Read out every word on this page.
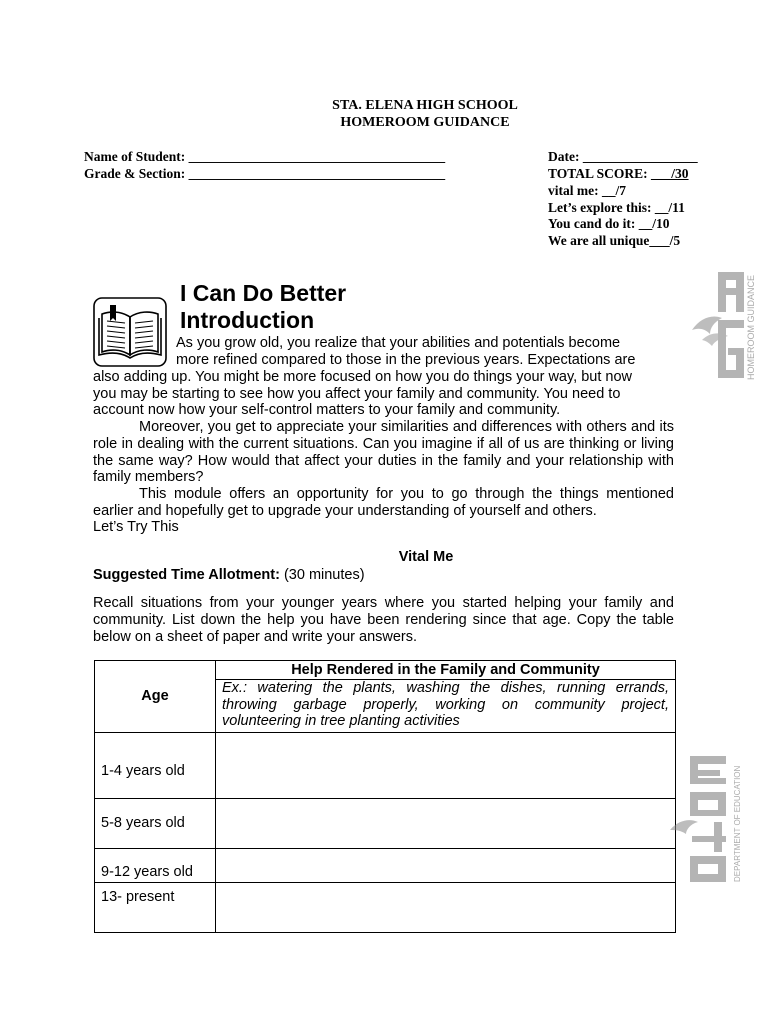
STA. ELENA HIGH SCHOOL
HOMEROOM GUIDANCE
Name of Student: ______________________________________
Grade & Section: ______________________________________
Date: _________________
TOTAL SCORE: ___/30
vital me: __/7
Let’s explore this: __/11
You cand do it: __/10
We are all unique___/5
I Can Do Better
Introduction
As you grow old, you realize that your abilities and potentials become
more refined compared to those in the previous years. Expectations are
also adding up. You might be more focused on how you do things your way, but now
you may be starting to see how you affect your family and community. You need to
account now how your self-control matters to your family and community.
Moreover, you get to appreciate your similarities and differences with others and its role in dealing with the current situations. Can you imagine if all of us are thinking or living the same way? How would that affect your duties in the family and your relationship with family members?
This module offers an opportunity for you to go through the things mentioned earlier and hopefully get to upgrade your understanding of yourself and others.
Let’s Try This
Vital Me
Suggested Time Allotment: (30 minutes)
Recall situations from your younger years where you started helping your family and community. List down the help you have been rendering since that age. Copy the table below on a sheet of paper and write your answers.
Age	Help Rendered in the Family and Community
	Ex.: watering the plants, washing the dishes, running errands, throwing garbage properly, working on community project, volunteering in tree planting activities
1-4 years old	
5-8 years old	
9-12 years old	
13- present	
HOMEROOM GUIDANCE
DEPARTMENT OF EDUCATION
